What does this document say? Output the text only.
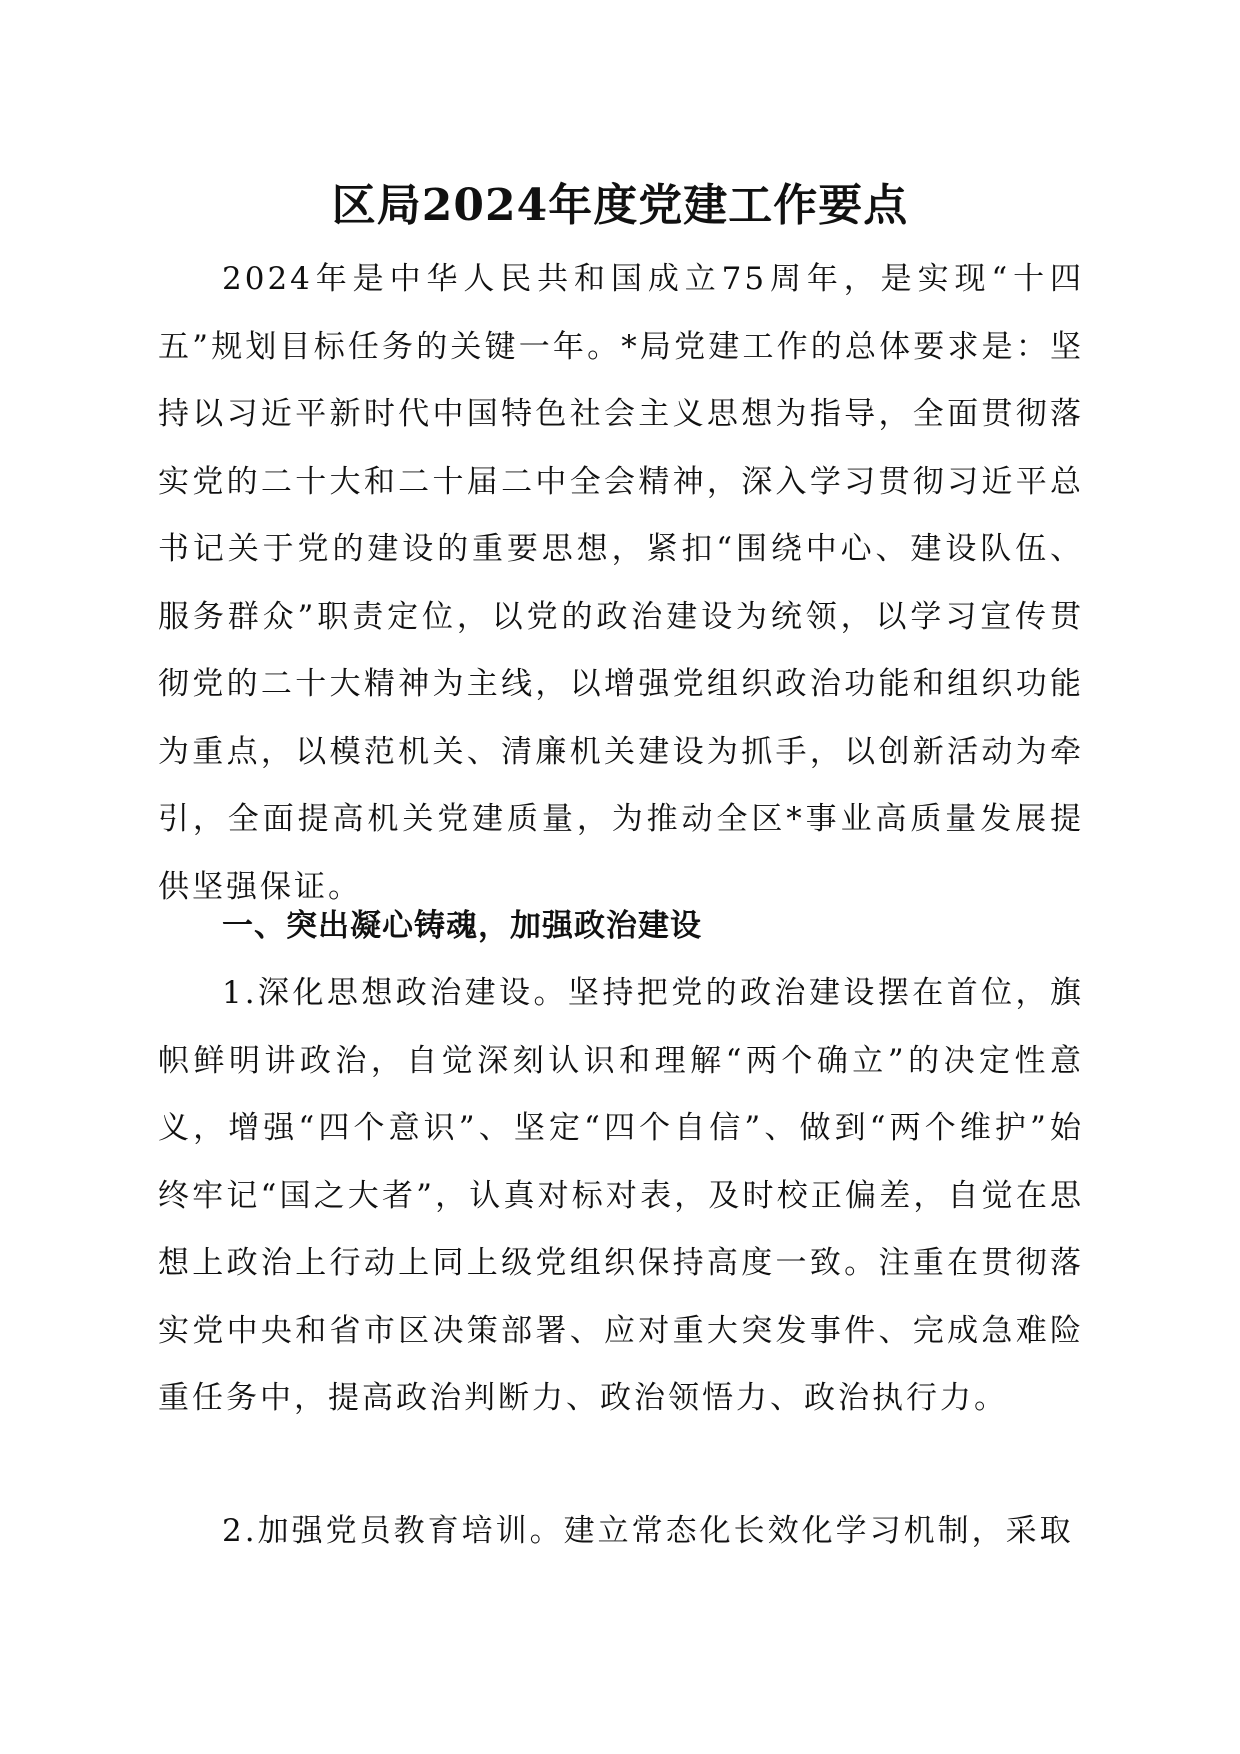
区局2024年度党建工作要点

2024年是中华人民共和国成立75周年，是实现“十四五”规划目标任务的关键一年。*局党建工作的总体要求是：坚持以习近平新时代中国特色社会主义思想为指导，全面贯彻落实党的二十大和二十届二中全会精神，深入学习贯彻习近平总书记关于党的建设的重要思想，紧扣“围绕中心、建设队伍、服务群众”职责定位，以党的政治建设为统领，以学习宣传贯彻党的二十大精神为主线，以增强党组织政治功能和组织功能为重点，以模范机关、清廉机关建设为抓手，以创新活动为牵引，全面提高机关党建质量，为推动全区*事业高质量发展提供坚强保证。

一、突出凝心铸魂，加强政治建设

1.深化思想政治建设。坚持把党的政治建设摆在首位，旗帜鲜明讲政治，自觉深刻认识和理解“两个确立”的决定性意义，增强“四个意识”、坚定“四个自信”、做到“两个维护”始终牢记“国之大者”，认真对标对表，及时校正偏差，自觉在思想上政治上行动上同上级党组织保持高度一致。注重在贯彻落实党中央和省市区决策部署、应对重大突发事件、完成急难险重任务中，提高政治判断力、政治领悟力、政治执行力。

2.加强党员教育培训。建立常态化长效化学习机制，采取
